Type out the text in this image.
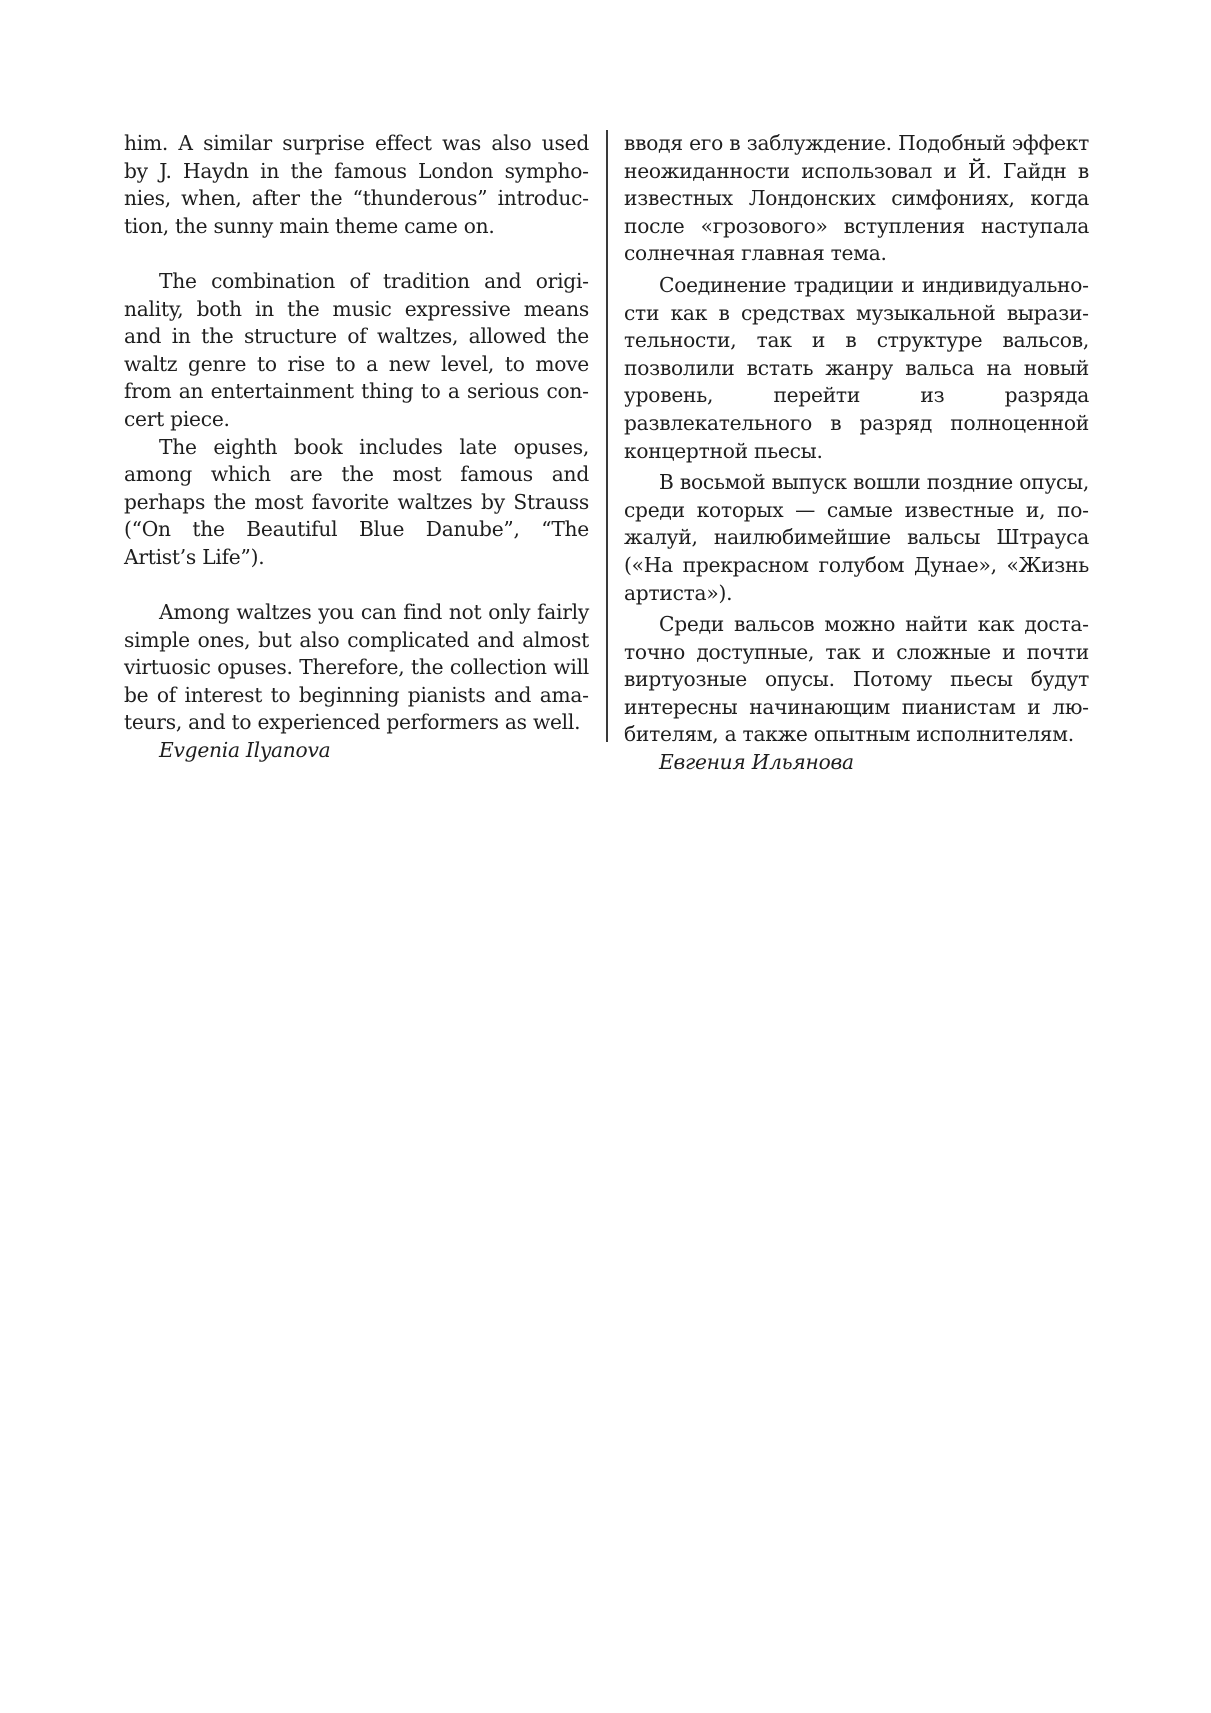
him. A similar surprise effect was also used by J. Haydn in the famous London symphonies, when, after the “thunderous” introduction, the sunny main theme came on.

The combination of tradition and originality, both in the music expressive means and in the structure of waltzes, allowed the waltz genre to rise to a new level, to move from an entertainment thing to a serious concert piece.

The eighth book includes late opuses, among which are the most famous and perhaps the most favorite waltzes by Strauss (“On the Beautiful Blue Danube”, “The Artist’s Life”).

Among waltzes you can find not only fairly simple ones, but also complicated and almost virtuosic opuses. Therefore, the collection will be of interest to beginning pianists and amateurs, and to experienced performers as well.

Evgenia Ilyanova

вводя его в заблуждение. Подобный эффект неожиданности использовал и Й. Гайдн в известных Лондонских симфониях, когда после «грозового» вступления наступала солнечная главная тема.

Соединение традиции и индивидуальности как в средствах музыкальной выразительности, так и в структуре вальсов, позволили встать жанру вальса на новый уровень, перейти из разряда развлекательного в разряд полноценной концертной пьесы.

В восьмой выпуск вошли поздние опусы, среди которых — самые известные и, пожалуй, наилюбимейшие вальсы Штрауса («На прекрасном голубом Дунае», «Жизнь артиста»).

Среди вальсов можно найти как достаточно доступные, так и сложные и почти виртуозные опусы. Потому пьесы будут интересны начинающим пианистам и любителям, а также опытным исполнителям.

Евгения Ильянова
